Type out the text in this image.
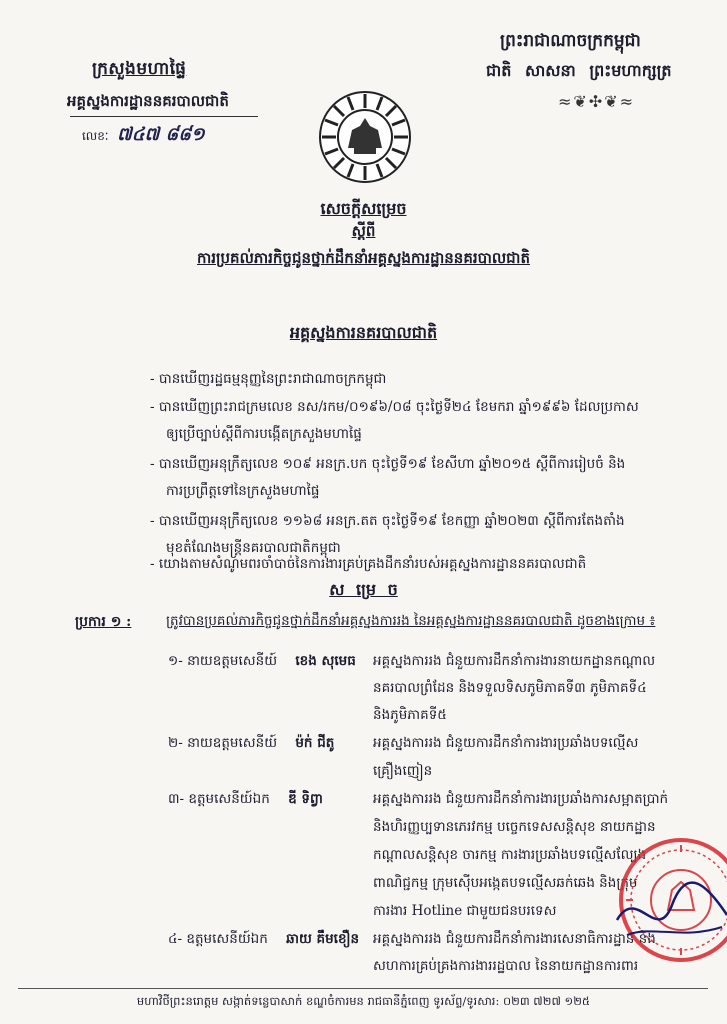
ក្រសួងមហាផ្ទៃ
អគ្គស្នងការដ្ឋាននគរបាលជាតិ
លេខៈ ៧៤៧ ៨៨១
ព្រះរាជាណាចក្រកម្ពុជា
ជាតិ សាសនា ព្រះមហាក្សត្រ
≈❦✣❦≈
សេចក្តីសម្រេច
ស្តីពី
ការប្រគល់ភារកិច្ចជូនថ្នាក់ដឹកនាំអគ្គស្នងការដ្ឋាននគរបាលជាតិ
អគ្គស្នងការនគរបាលជាតិ
- បានឃើញរដ្ឋធម្មនុញ្ញនៃព្រះរាជាណាចក្រកម្ពុជា
- បានឃើញព្រះរាជក្រមលេខ នស/រកម/០១៩៦/០៨ ចុះថ្ងៃទី២៤ ខែមករា ឆ្នាំ១៩៩៦ ដែលប្រកាស
ឲ្យប្រើច្បាប់ស្តីពីការបង្កើតក្រសួងមហាផ្ទៃ
- បានឃើញអនុក្រឹត្យលេខ ១០៩ អនក្រ.បក ចុះថ្ងៃទី១៩ ខែសីហា ឆ្នាំ២០១៥ ស្តីពីការរៀបចំ និង
ការប្រព្រឹត្តទៅនៃក្រសួងមហាផ្ទៃ
- បានឃើញអនុក្រឹត្យលេខ ១១៦៨ អនក្រ.តត ចុះថ្ងៃទី១៩ ខែកញ្ញា ឆ្នាំ២០២៣ ស្តីពីការតែងតាំង
មុខតំណែងមន្ត្រីនគរបាលជាតិកម្ពុជា
- យោងតាមសំណូមពរចាំបាច់នៃការងារគ្រប់គ្រងដឹកនាំរបស់អគ្គស្នងការដ្ឋាននគរបាលជាតិ
ស ម្រេ ច
ប្រការ ១ :	ត្រូវបានប្រគល់ភារកិច្ចជូនថ្នាក់ដឹកនាំអគ្គស្នងការរង នៃអគ្គស្នងការដ្ឋាននគរបាលជាតិ ដូចខាងក្រោម ៖
១- នាយឧត្តមសេនីយ៍ ខេង សុមេធ អគ្គស្នងការរង ជំនួយការដឹកនាំការងារនាយកដ្ឋានកណ្តាល
នគរបាលព្រំដែន និងទទួលទិសភូមិភាគទី៣ ភូមិភាគទី៤
និងភូមិភាគទី៥
២- នាយឧត្តមសេនីយ៍ ម៉ក់ ជីតូ	អគ្គស្នងការរង ជំនួយការដឹកនាំការងារប្រឆាំងបទល្មើស
គ្រឿងញៀន
៣- ឧត្តមសេនីយ៍ឯក ឌី ទិព្វា	អគ្គស្នងការរង ជំនួយការដឹកនាំការងារប្រឆាំងការសម្អាតប្រាក់
និងហិរញ្ញប្បទានភេរវកម្ម បច្ចេកទេសសន្តិសុខ នាយកដ្ឋាន
កណ្តាលសន្តិសុខ ចារកម្ម ការងារប្រឆាំងបទល្មើសល្បែង
ពាណិជ្ជកម្ម ក្រុមស៊ើបអង្កេតបទល្មើសឆក់ឆេង និងក្រុម
ការងារ Hotline ជាមួយជនបរទេស
៤- ឧត្តមសេនីយ៍ឯក ឆាយ គឹមខឿន អគ្គស្នងការរង ជំនួយការដឹកនាំការងារសេនាធិការដ្ឋាន និង
សហការគ្រប់គ្រងការងាររដ្ឋបាល នៃនាយកដ្ឋានការពារ
មហាវិថីព្រះនរោត្តម សង្កាត់ទន្លេបាសាក់ ខណ្ឌចំការមន រាជធានីភ្នំពេញ ទូរស័ព្ទ/ទូរសារ: ០២៣ ៧២៧ ១២៥
